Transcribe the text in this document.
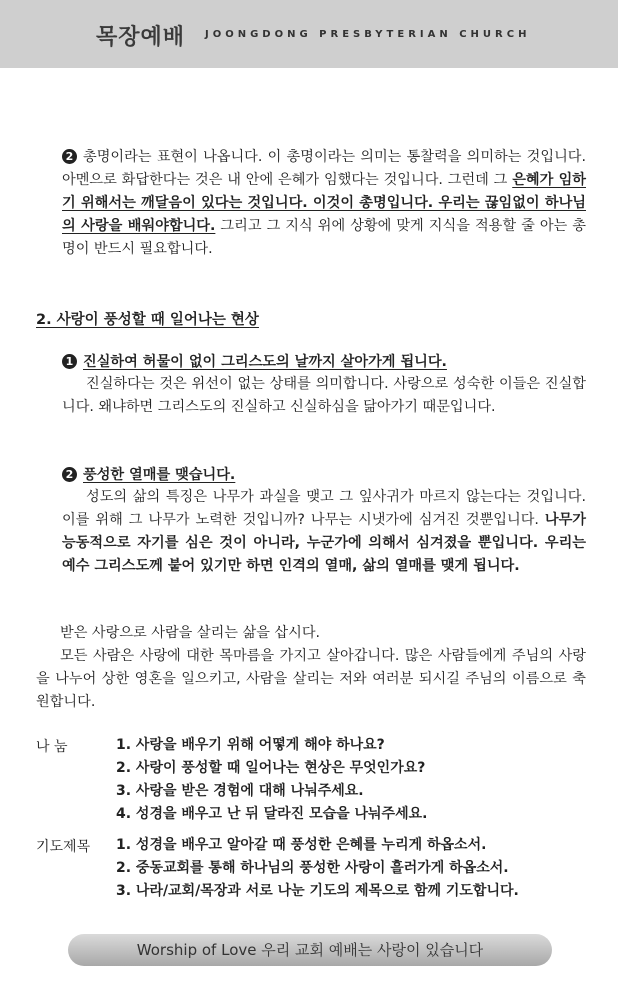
목장예배 JOONGDONG PRESBYTERIAN CHURCH
2 총명이라는 표현이 나옵니다. 이 총명이라는 의미는 통찰력을 의미하는 것입니다. 아멘으로 화답한다는 것은 내 안에 은혜가 임했다는 것입니다. 그런데 그 은혜가 임하기 위해서는 깨달음이 있다는 것입니다. 이것이 총명입니다. 우리는 끊임없이 하나님의 사랑을 배워야합니다. 그리고 그 지식 위에 상황에 맞게 지식을 적용할 줄 아는 총명이 반드시 필요합니다.
2. 사랑이 풍성할 때 일어나는 현상
1 진실하여 허물이 없이 그리스도의 날까지 살아가게 됩니다.
진실하다는 것은 위선이 없는 상태를 의미합니다. 사랑으로 성숙한 이들은 진실합니다. 왜냐하면 그리스도의 진실하고 신실하심을 닮아가기 때문입니다.
2 풍성한 열매를 맺습니다.
성도의 삶의 특징은 나무가 과실을 맺고 그 잎사귀가 마르지 않는다는 것입니다. 이를 위해 그 나무가 노력한 것입니까? 나무는 시냇가에 심겨진 것뿐입니다. 나무가 능동적으로 자기를 심은 것이 아니라, 누군가에 의해서 심겨졌을 뿐입니다. 우리는 예수 그리스도께 붙어 있기만 하면 인격의 열매, 삶의 열매를 맺게 됩니다.
받은 사랑으로 사람을 살리는 삶을 삽시다.
모든 사람은 사랑에 대한 목마름을 가지고 살아갑니다. 많은 사람들에게 주님의 사랑을 나누어 상한 영혼을 일으키고, 사람을 살리는 저와 여러분 되시길 주님의 이름으로 축원합니다.
나 눔	1. 사랑을 배우기 위해 어떻게 해야 하나요?
2. 사랑이 풍성할 때 일어나는 현상은 무엇인가요?
3. 사랑을 받은 경험에 대해 나눠주세요.
4. 성경을 배우고 난 뒤 달라진 모습을 나눠주세요.
기도제목 1. 성경을 배우고 알아갈 때 풍성한 은혜를 누리게 하옵소서.
2. 중동교회를 통해 하나님의 풍성한 사랑이 흘러가게 하옵소서.
3. 나라/교회/목장과 서로 나눈 기도의 제목으로 함께 기도합니다.
Worship of Love 우리 교회 예배는 사랑이 있습니다
